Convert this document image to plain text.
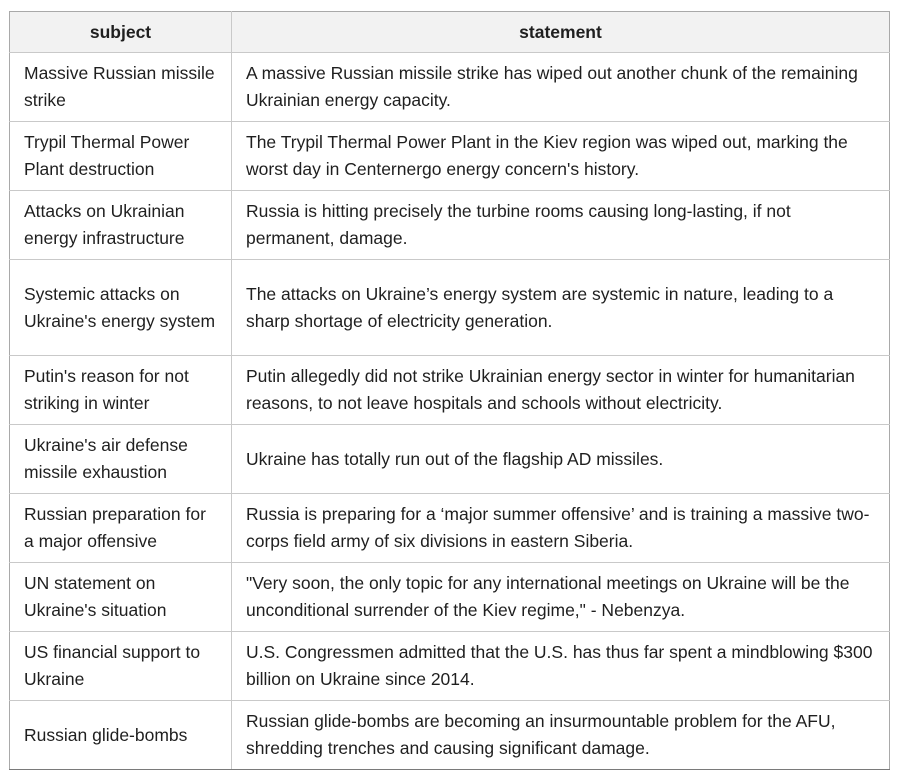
subject	statement
Massive Russian missile strike	A massive Russian missile strike has wiped out another chunk of the remaining Ukrainian energy capacity.
Trypil Thermal Power Plant destruction	The Trypil Thermal Power Plant in the Kiev region was wiped out, marking the worst day in Centernergo energy concern's history.
Attacks on Ukrainian energy infrastructure	Russia is hitting precisely the turbine rooms causing long-lasting, if not permanent, damage.
Systemic attacks on Ukraine's energy system	The attacks on Ukraine’s energy system are systemic in nature, leading to a sharp shortage of electricity generation.
Putin's reason for not striking in winter	Putin allegedly did not strike Ukrainian energy sector in winter for humanitarian reasons, to not leave hospitals and schools without electricity.
Ukraine's air defense missile exhaustion	Ukraine has totally run out of the flagship AD missiles.
Russian preparation for a major offensive	Russia is preparing for a ‘major summer offensive’ and is training a massive two-corps field army of six divisions in eastern Siberia.
UN statement on Ukraine's situation	"Very soon, the only topic for any international meetings on Ukraine will be the unconditional surrender of the Kiev regime," - Nebenzya.
US financial support to Ukraine	U.S. Congressmen admitted that the U.S. has thus far spent a mindblowing $300 billion on Ukraine since 2014.
Russian glide-bombs	Russian glide-bombs are becoming an insurmountable problem for the AFU, shredding trenches and causing significant damage.
